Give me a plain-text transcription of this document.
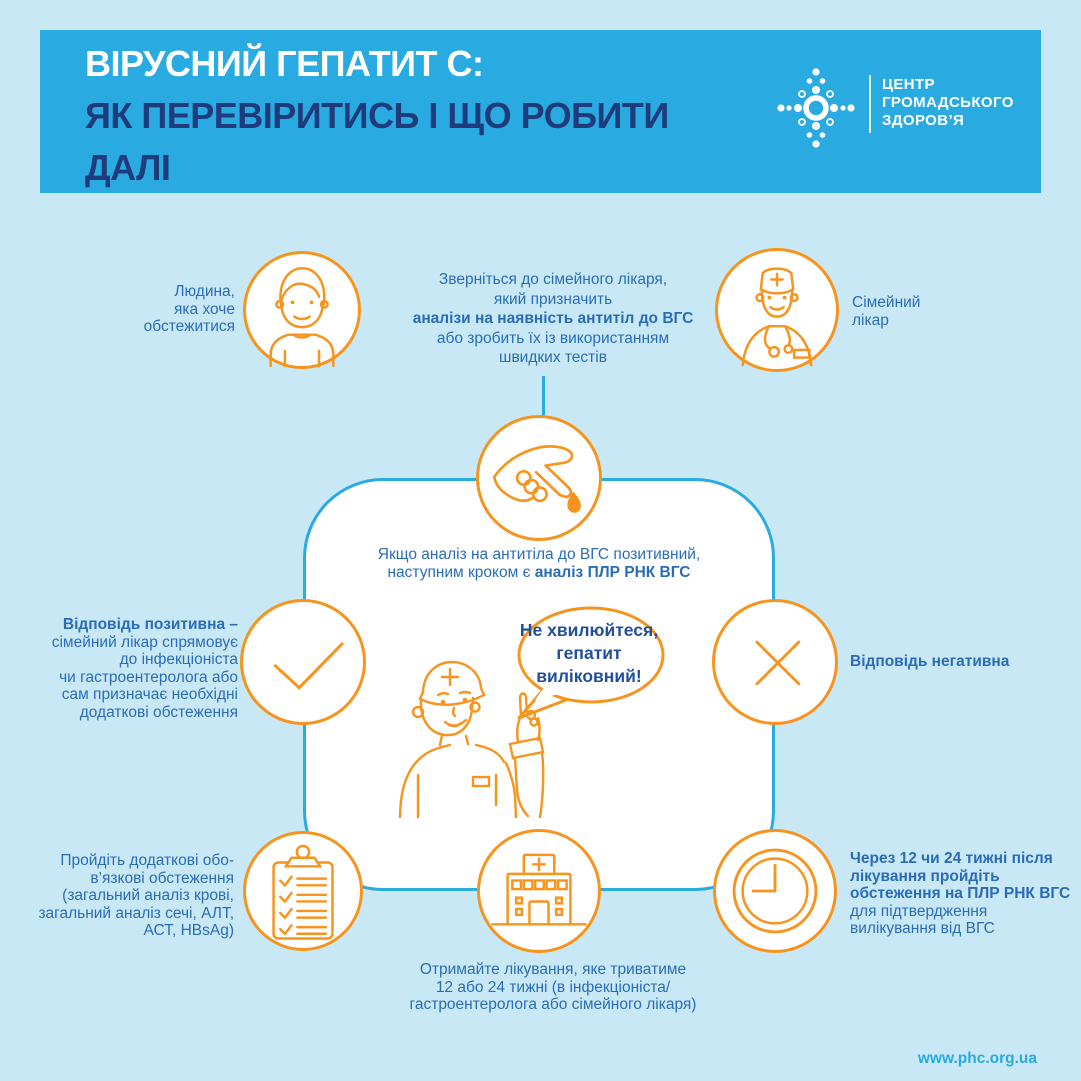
ВІРУСНИЙ ГЕПАТИТ С:
ЯК ПЕРЕВІРИТИСЬ І ЩО РОБИТИ
ДАЛІ
ЦЕНТР
ГРОМАДСЬКОГО
ЗДОРОВ’Я
Людина,
яка хоче
обстежитися
Зверніться до сімейного лікаря,
який призначить
аналізи на наявність антитіл до ВГС
або зробить їх із використанням
швидких тестів
Сімейний
лікар
Якщо аналіз на антитіла до ВГС позитивний,
наступним кроком є аналіз ПЛР РНК ВГС
Не хвилюйтеся,
гепатит
виліковний!
Відповідь позитивна –
сімейний лікар спрямовує
до інфекціоніста
чи гастроентеролога або
сам призначає необхідні
додаткові обстеження
Відповідь негативна
Пройдіть додаткові обо-
в’язкові обстеження
(загальний аналіз крові,
загальний аналіз сечі, АЛТ,
АСТ, HBsAg)
Отримайте лікування, яке триватиме
12 або 24 тижні (в інфекціоніста/
гастроентеролога або сімейного лікаря)
Через 12 чи 24 тижні після
лікування пройдіть
обстеження на ПЛР РНК ВГС
для підтвердження
вилікування від ВГС
www.phc.org.ua
